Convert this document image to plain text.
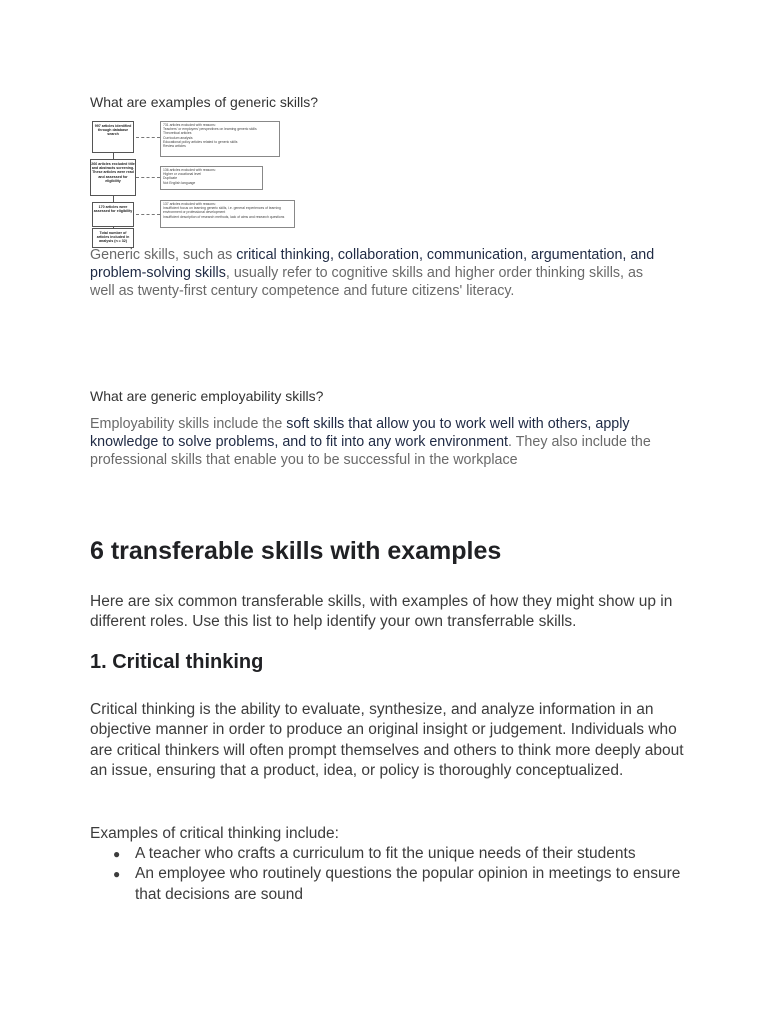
What are examples of generic skills?
997 articles identified through database search
266 articles excluded title and abstracts screening. These articles were read and assessed for eligibility
170 articles were assessed for eligibility
Total number of articles included in analysis (n = 32)
731 articles excluded with reasons:
Teachers' or employers' perspectives on learning generic skills
Theoretical articles
Curriculum analysis
Educational policy articles related to generic skills
Review articles
136 articles excluded with reasons:
Higher or vocational level
Duplicate
Not English language
137 articles excluded with reasons:
Insufficient focus on learning generic skills, i.e. general experiences of learning environment or professional development
Insufficient description of research methods, lack of aims and research questions
Generic skills, such as critical thinking, collaboration, communication, argumentation, and problem-solving skills, usually refer to cognitive skills and higher order thinking skills, as well as twenty-first century competence and future citizens' literacy.
What are generic employability skills?
Employability skills include the soft skills that allow you to work well with others, apply knowledge to solve problems, and to fit into any work environment. They also include the professional skills that enable you to be successful in the workplace
6 transferable skills with examples
Here are six common transferable skills, with examples of how they might show up in different roles. Use this list to help identify your own transferrable skills.
1. Critical thinking
Critical thinking is the ability to evaluate, synthesize, and analyze information in an objective manner in order to produce an original insight or judgement. Individuals who are critical thinkers will often prompt themselves and others to think more deeply about an issue, ensuring that a product, idea, or policy is thoroughly conceptualized.
Examples of critical thinking include:
● A teacher who crafts a curriculum to fit the unique needs of their students
● An employee who routinely questions the popular opinion in meetings to ensure that decisions are sound
